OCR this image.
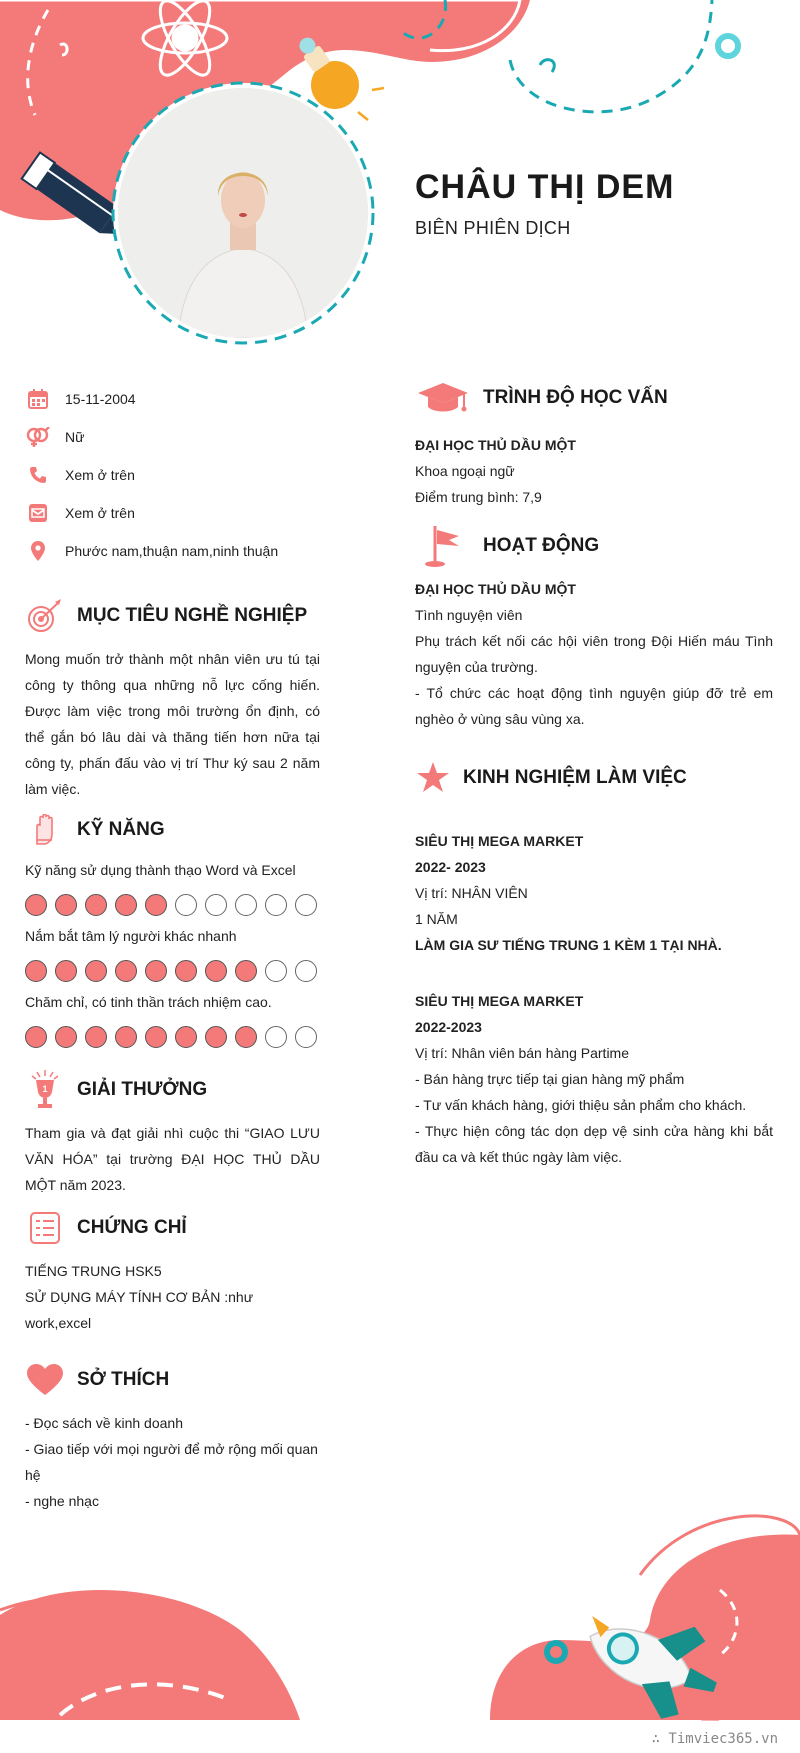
CHÂU THỊ DEM
BIÊN PHIÊN DỊCH
15-11-2004
Nữ
Xem ở trên
Xem ở trên
Phước nam,thuận nam,ninh thuận
MỤC TIÊU NGHỀ NGHIỆP
Mong muốn trở thành một nhân viên ưu tú tại công ty thông qua những nỗ lực cống hiến. Được làm việc trong môi trường ổn định, có thể gắn bó lâu dài và thăng tiến hơn nữa tại công ty, phấn đấu vào vị trí Thư ký sau 2 năm làm việc.
KỸ NĂNG
Kỹ năng sử dụng thành thạo Word và Excel
Nắm bắt tâm lý người khác nhanh
Chăm chỉ, có tinh thần trách nhiệm cao.
1 GIẢI THƯỞNG
Tham gia và đạt giải nhì cuộc thi “GIAO LƯU VĂN HÓA” tại trường ĐẠI HỌC THỦ DẦU MỘT năm 2023.
CHỨNG CHỈ
TIẾNG TRUNG HSK5
SỬ DỤNG MÁY TÍNH CƠ BẢN :như work,excel
SỞ THÍCH
- Đọc sách về kinh doanh
- Giao tiếp với mọi người để mở rộng mối quan hệ
- nghe nhạc
TRÌNH ĐỘ HỌC VẤN
ĐẠI HỌC THỦ DẦU MỘT
Khoa ngoại ngữ
Điểm trung bình: 7,9
HOẠT ĐỘNG
ĐẠI HỌC THỦ DẦU MỘT
Tình nguyện viên
Phụ trách kết nối các hội viên trong Đội Hiến máu Tình nguyện của trường.
- Tổ chức các hoạt động tình nguyện giúp đỡ trẻ em nghèo ở vùng sâu vùng xa.
KINH NGHIỆM LÀM VIỆC
SIÊU THỊ MEGA MARKET
2022- 2023
Vị trí: NHÂN VIÊN
1 NĂM
LÀM GIA SƯ TIẾNG TRUNG 1 KÈM 1 TẠI NHÀ.
SIÊU THỊ MEGA MARKET
2022-2023
Vị trí: Nhân viên bán hàng Partime
- Bán hàng trực tiếp tại gian hàng mỹ phẩm
- Tư vấn khách hàng, giới thiệu sản phẩm cho khách.
- Thực hiện công tác dọn dẹp vệ sinh cửa hàng khi bắt đầu ca và kết thúc ngày làm việc.
∴ Timviec365.vn
